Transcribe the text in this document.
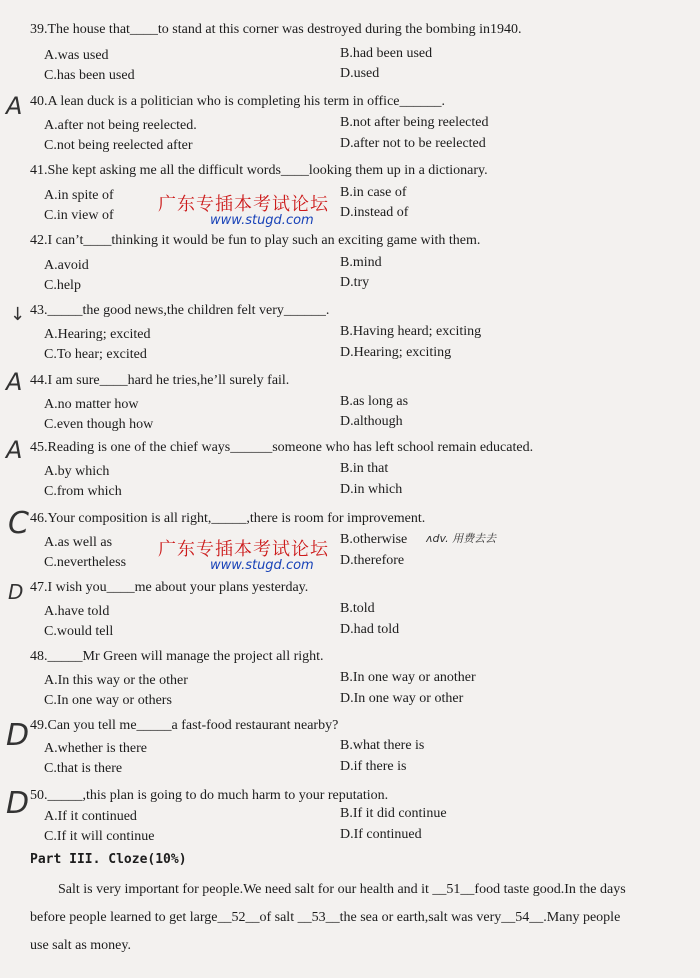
39.The house that____to stand at this corner was destroyed during the bombing in1940.
A.was used	B.had been used
C.has been used	D.used
A 40.A lean duck is a politician who is completing his term in office______.
A.after not being reelected.	B.not after being reelected
C.not being reelected after	D.after not to be reelected
41.She kept asking me all the difficult words____looking them up in a dictionary.
A.in spite of	B.in case of
C.in view of	D.instead of
广东专插本考试论坛
www.stugd.com
42.I can’t____thinking it would be fun to play such an exciting game with them.
A.avoid	B.mind
C.help	D.try
↓ 43._____the good news,the children felt very______.
A.Hearing; excited	B.Having heard; exciting
C.To hear; excited	D.Hearing; exciting
A 44.I am sure____hard he tries,he’ll surely fail.
A.no matter how	B.as long as
C.even though how	D.although
A 45.Reading is one of the chief ways______someone who has left school remain educated.
A.by which	B.in that
C.from which	D.in which
C 46.Your composition is all right,_____,there is room for improvement.
A.as well as	B.otherwise
C.nevertheless	D.therefore
ʌdv. 用费去去
广东专插本考试论坛
www.stugd.com
D 47.I wish you____me about your plans yesterday.
A.have told	B.told
C.would tell	D.had told
48._____Mr Green will manage the project all right.
A.In this way or the other	B.In one way or another
C.In one way or others	D.In one way or other
D 49.Can you tell me_____a fast-food restaurant nearby?
A.whether is there	B.what there is
C.that is there	D.if there is
D 50._____,this plan is going to do much harm to your reputation.
A.If it continued	B.If it did continue
C.If it will continue	D.If continued
Part III. Cloze(10%)
Salt is very important for people.We need salt for our health and it __51__food taste good.In the days
before people learned to get large__52__of salt __53__the sea or earth,salt was very__54__.Many people
use salt as money.
